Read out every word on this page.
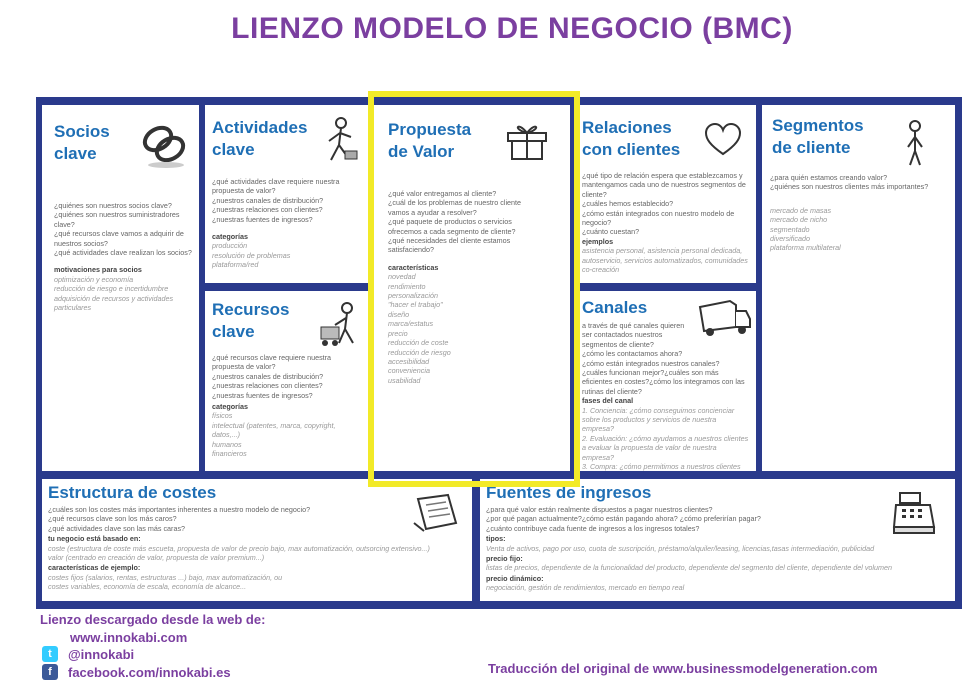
LIENZO MODELO DE NEGOCIO (BMC)
Socios
clave

¿quiénes son nuestros socios clave?

¿quiénes son nuestros suministradores clave?

¿qué recursos clave vamos a adquirir de nuestros socios?

¿qué actividades clave realizan los socios?

motivaciones para socios

optimización y economía

reducción de riesgo e incertidumbre

adquisición de recursos y actividades particulares

Actividades
clave

¿qué actividades clave requiere nuestra propuesta de valor?

¿nuestros canales de distribución?

¿nuestras relaciones con clientes?

¿nuestras fuentes de ingresos?

categorías

producción

resolución de problemas

plataforma/red

Recursos
clave

¿qué recursos clave requiere nuestra propuesta de valor?

¿nuestros canales de distribución?

¿nuestras relaciones con clientes?

¿nuestras fuentes de ingresos?

categorías

físicos

intelectual (patentes, marca, copyright, datos,...)

humanos

financieros

Propuesta
de Valor

¿qué valor entregamos al cliente?

¿cuál de los problemas de nuestro cliente vamos a ayudar a resolver?

¿qué paquete de productos o servicios ofrecemos a cada segmento de cliente?

¿qué necesidades del cliente estamos satisfaciendo?

características

novedad

rendimiento

personalización

"hacer el trabajo"

diseño

marca/estatus

precio

reducción de coste

reducción de riesgo

accesibilidad

conveniencia

usabilidad

Relaciones
con clientes

¿qué tipo de relación espera que establezcamos y mantengamos cada uno de nuestros segmentos de cliente?

¿cuáles hemos establecido?

¿cómo están integrados con nuestro modelo de negocio?

¿cuánto cuestan?

ejemplos

asistencia personal, asistencia personal dedicada, autoservicio, servicios automatizados, comunidades co-creación

Canales

a través de qué canales quieren ser contactados nuestros segmentos de cliente?

¿cómo les contactamos ahora?

¿cómo están integrados nuestros canales?

¿cuáles funcionan mejor?¿cuáles son más eficientes en costes?¿cómo los integramos con las rutinas del cliente?

fases del canal

1. Conciencia: ¿cómo conseguimos concienciar sobre los productos y servicios de nuestra empresa?

2. Evaluación: ¿cómo ayudamos a nuestros clientes a evaluar la propuesta de valor de nuestra empresa?

3. Compra: ¿cómo permitimos a nuestros clientes

Segmentos
de cliente

¿para quién estamos creando valor?

¿quiénes son nuestros clientes más importantes?

mercado de masas

mercado de nicho

segmentado

diversificado

plataforma multilateral

Estructura de costes

¿cuáles son los costes más importantes inherentes a nuestro modelo de negocio?

¿qué recursos clave son los más caros?

¿qué actividades clave son las más caras?

tu negocio está basado en:

coste (estructura de coste más escueta, propuesta de valor de precio bajo, max automatización, outsorcing extensivo...)

valor (centrado en creación de valor, propuesta de valor premium...)

características de ejemplo:

costes fijos (salarios, rentas, estructuras ...) bajo, max automatización, ou

costes variables, economía de escala, economía de alcance...

Fuentes de ingresos

¿para qué valor están realmente dispuestos a pagar nuestros clientes?

¿por qué pagan actualmente?¿cómo están pagando ahora? ¿cómo preferirían pagar?

¿cuánto contribuye cada fuente de ingresos a los ingresos totales?

tipos:

Venta de activos, pago por uso, cuota de suscripción, préstamo/alquiler/leasing, licencias,tasas intermediación, publicidad

precio fijo:

listas de precios, dependiente de la funcionalidad del producto, dependiente del segmento del cliente, dependiente del volumen

precio dinámico:

negociación, gestión de rendimientos, mercado en tiempo real

Lienzo descargado desde la web de:
www.innokabi.com
t	@innokabi
f	facebook.com/innokabi.es	Traducción del original de www.businessmodelgeneration.com
